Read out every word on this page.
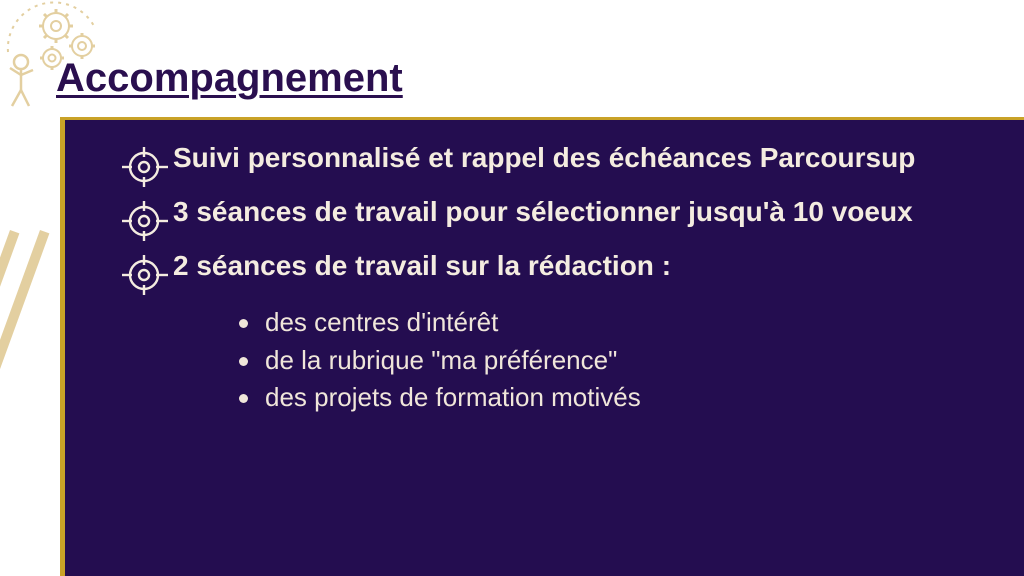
Accompagnement
Suivi personnalisé et rappel des échéances Parcoursup
3 séances de travail pour sélectionner jusqu'à 10 voeux
2 séances de travail sur la rédaction :
des centres d'intérêt
de la rubrique "ma préférence"
des projets de formation motivés
